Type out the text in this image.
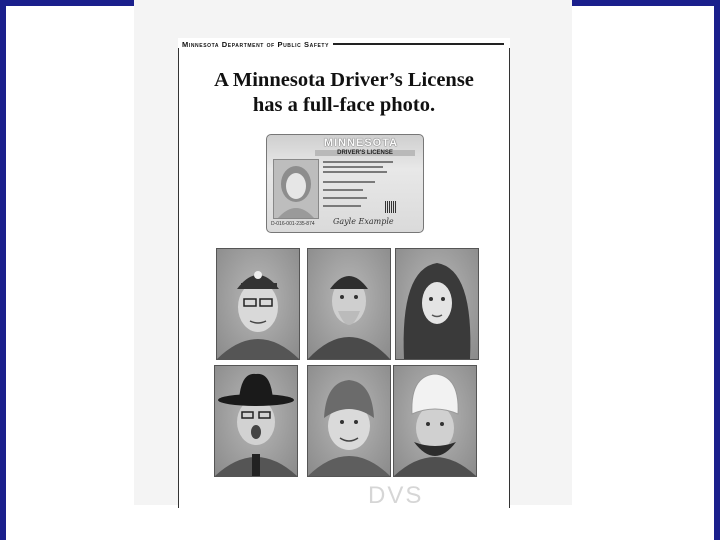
Minnesota Department of Public Safety
A Minnesota Driver’s License
has a full-face photo.
MINNESOTA
DRIVER'S LICENSE
D-016-001-235-874 Gayle Example
DVS
